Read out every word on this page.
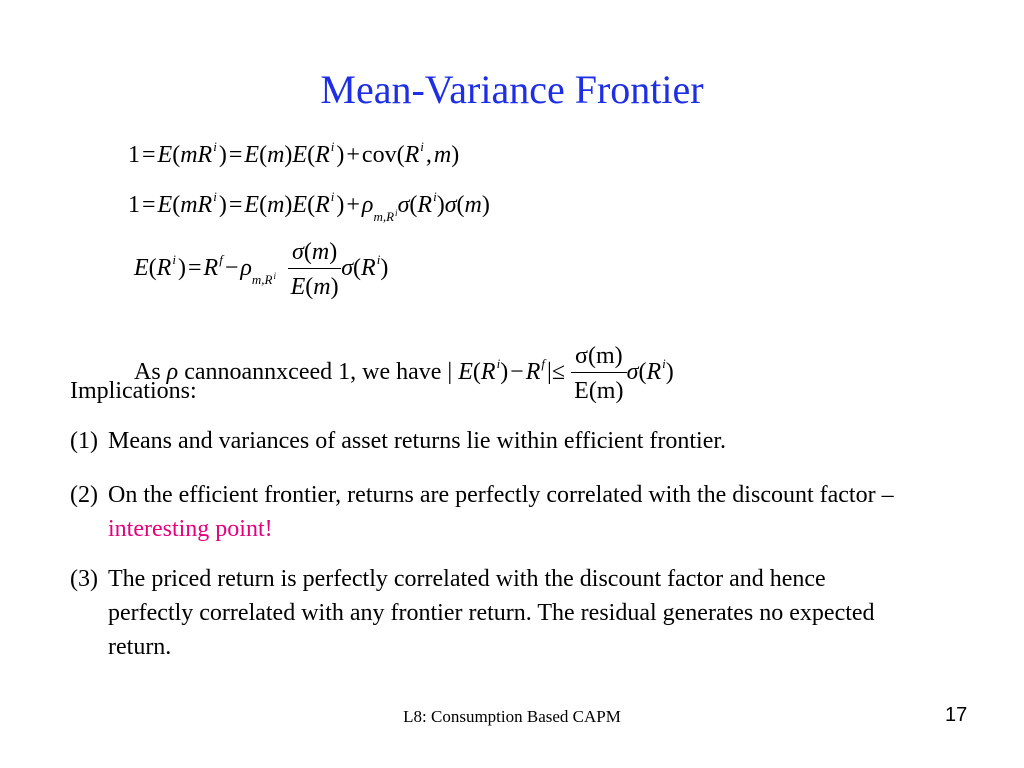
Mean-Variance Frontier
1 = $E(mR^i$ ) = $E(m)E(R^i$ ) + $cov(R^i$ , m)
1 = $E(mR^i$ ) = $E(m)E(R^i$ ) + $\rho_{m,R^i}\sigma(R^i)\sigma(m)$
$E(R^i$ ) = $R^f$ − $\rho_{m,R^i} \frac{\sigma(m)}{E(m)} \sigma(R^i)$
As ρ cannoannxceed 1, we have | $E(R^i)$ − $R^f$ |≤ $\frac{\sigma(m)}{E(m)} \sigma(R^i)$
Implications:
(1) Means and variances of asset returns lie within efficient frontier.
(2) On the efficient frontier, returns are perfectly correlated with the discount factor – interesting point!
(3) The priced return is perfectly correlated with the discount factor and hence perfectly correlated with any frontier return. The residual generates no expected return.
L8: Consumption Based CAPM	17
